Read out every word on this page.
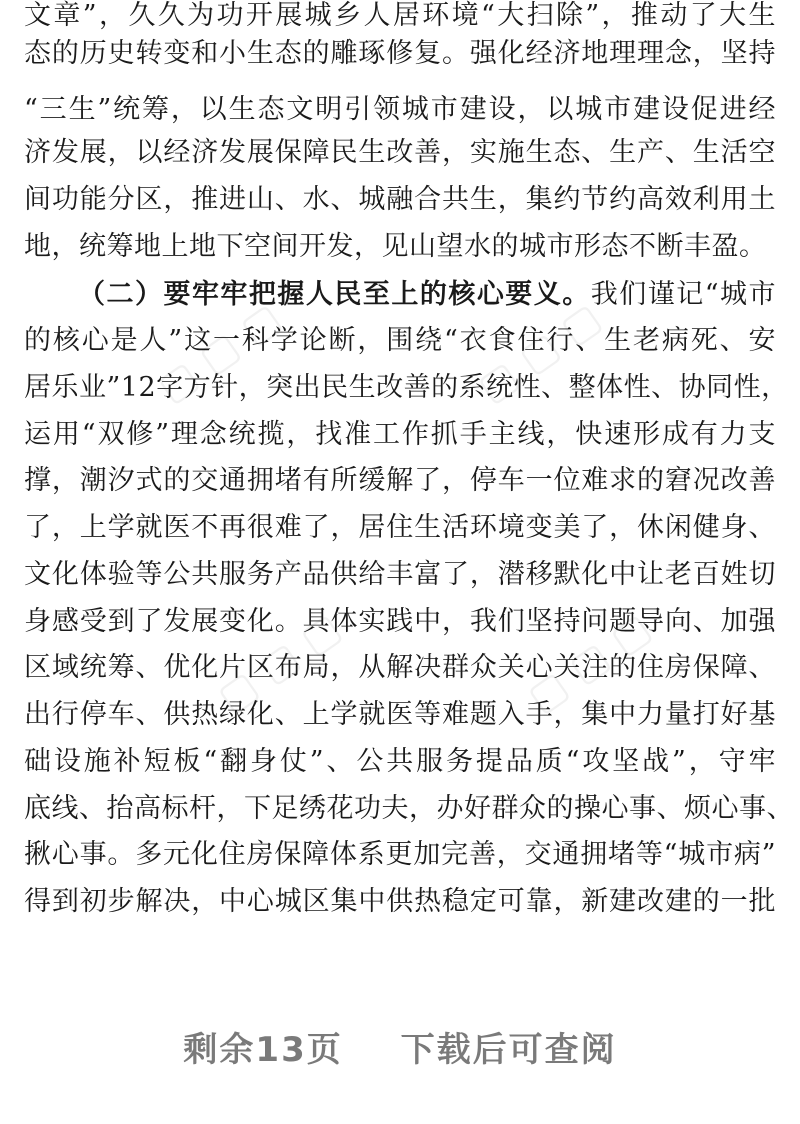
▢ ▢ ▢	▢ ▢ ▢
▢ ▢ ▢	▢ ▢ ▢
文章”，久久为功开展城乡人居环境“大扫除”，推动了大生
态的历史转变和小生态的雕琢修复。强化经济地理理念，坚持
“三生”统筹，以生态文明引领城市建设，以城市建设促进经
济发展，以经济发展保障民生改善，实施生态、生产、生活空
间功能分区，推进山、水、城融合共生，集约节约高效利用土
地，统筹地上地下空间开发，见山望水的城市形态不断丰盈。
（二）要牢牢把握人民至上的核心要义。我们谨记“城市
的核心是人”这一科学论断，围绕“衣食住行、生老病死、安
居乐业”12字方针，突出民生改善的系统性、整体性、协同性，
运用“双修”理念统揽，找准工作抓手主线，快速形成有力支
撑，潮汐式的交通拥堵有所缓解了，停车一位难求的窘况改善
了，上学就医不再很难了，居住生活环境变美了，休闲健身、
文化体验等公共服务产品供给丰富了，潜移默化中让老百姓切
身感受到了发展变化。具体实践中，我们坚持问题导向、加强
区域统筹、优化片区布局，从解决群众关心关注的住房保障、
出行停车、供热绿化、上学就医等难题入手，集中力量打好基
础设施补短板“翻身仗”、公共服务提品质“攻坚战”，守牢
底线、抬高标杆，下足绣花功夫，办好群众的操心事、烦心事、
揪心事。多元化住房保障体系更加完善，交通拥堵等“城市病”
得到初步解决，中心城区集中供热稳定可靠，新建改建的一批
剩余13页 下载后可查阅
